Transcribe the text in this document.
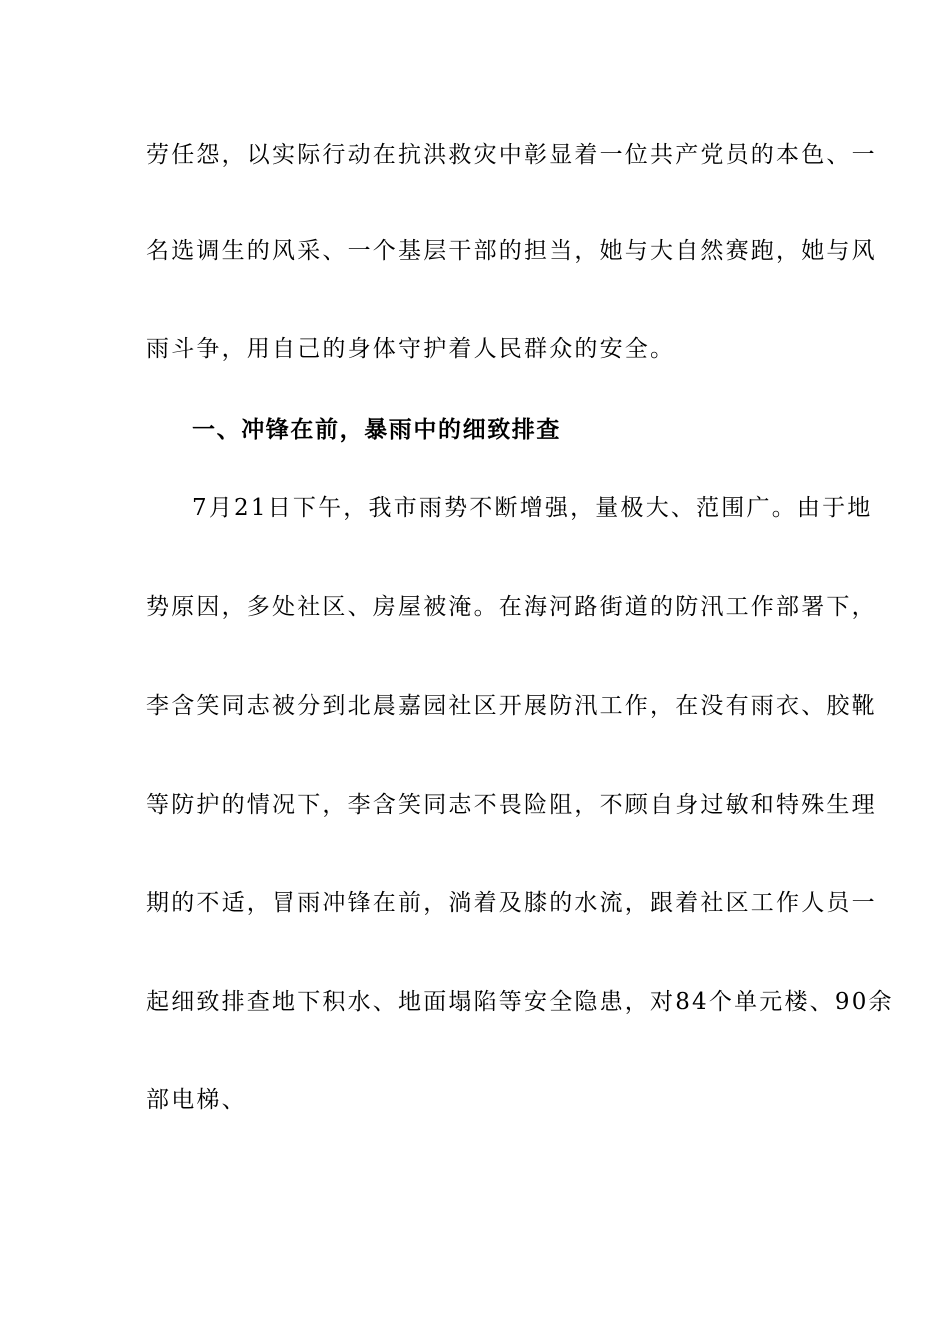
劳任怨，以实际行动在抗洪救灾中彰显着一位共产党员的本色、一
名选调生的风采、一个基层干部的担当，她与大自然赛跑，她与风
雨斗争，用自己的身体守护着人民群众的安全。
一、冲锋在前，暴雨中的细致排查
7月21日下午，我市雨势不断增强，量极大、范围广。由于地
势原因，多处社区、房屋被淹。在海河路街道的防汛工作部署下，
李含笑同志被分到北晨嘉园社区开展防汛工作，在没有雨衣、胶靴
等防护的情况下，李含笑同志不畏险阻，不顾自身过敏和特殊生理
期的不适，冒雨冲锋在前，淌着及膝的水流，跟着社区工作人员一
起细致排查地下积水、地面塌陷等安全隐患，对84个单元楼、90余
部电梯、
